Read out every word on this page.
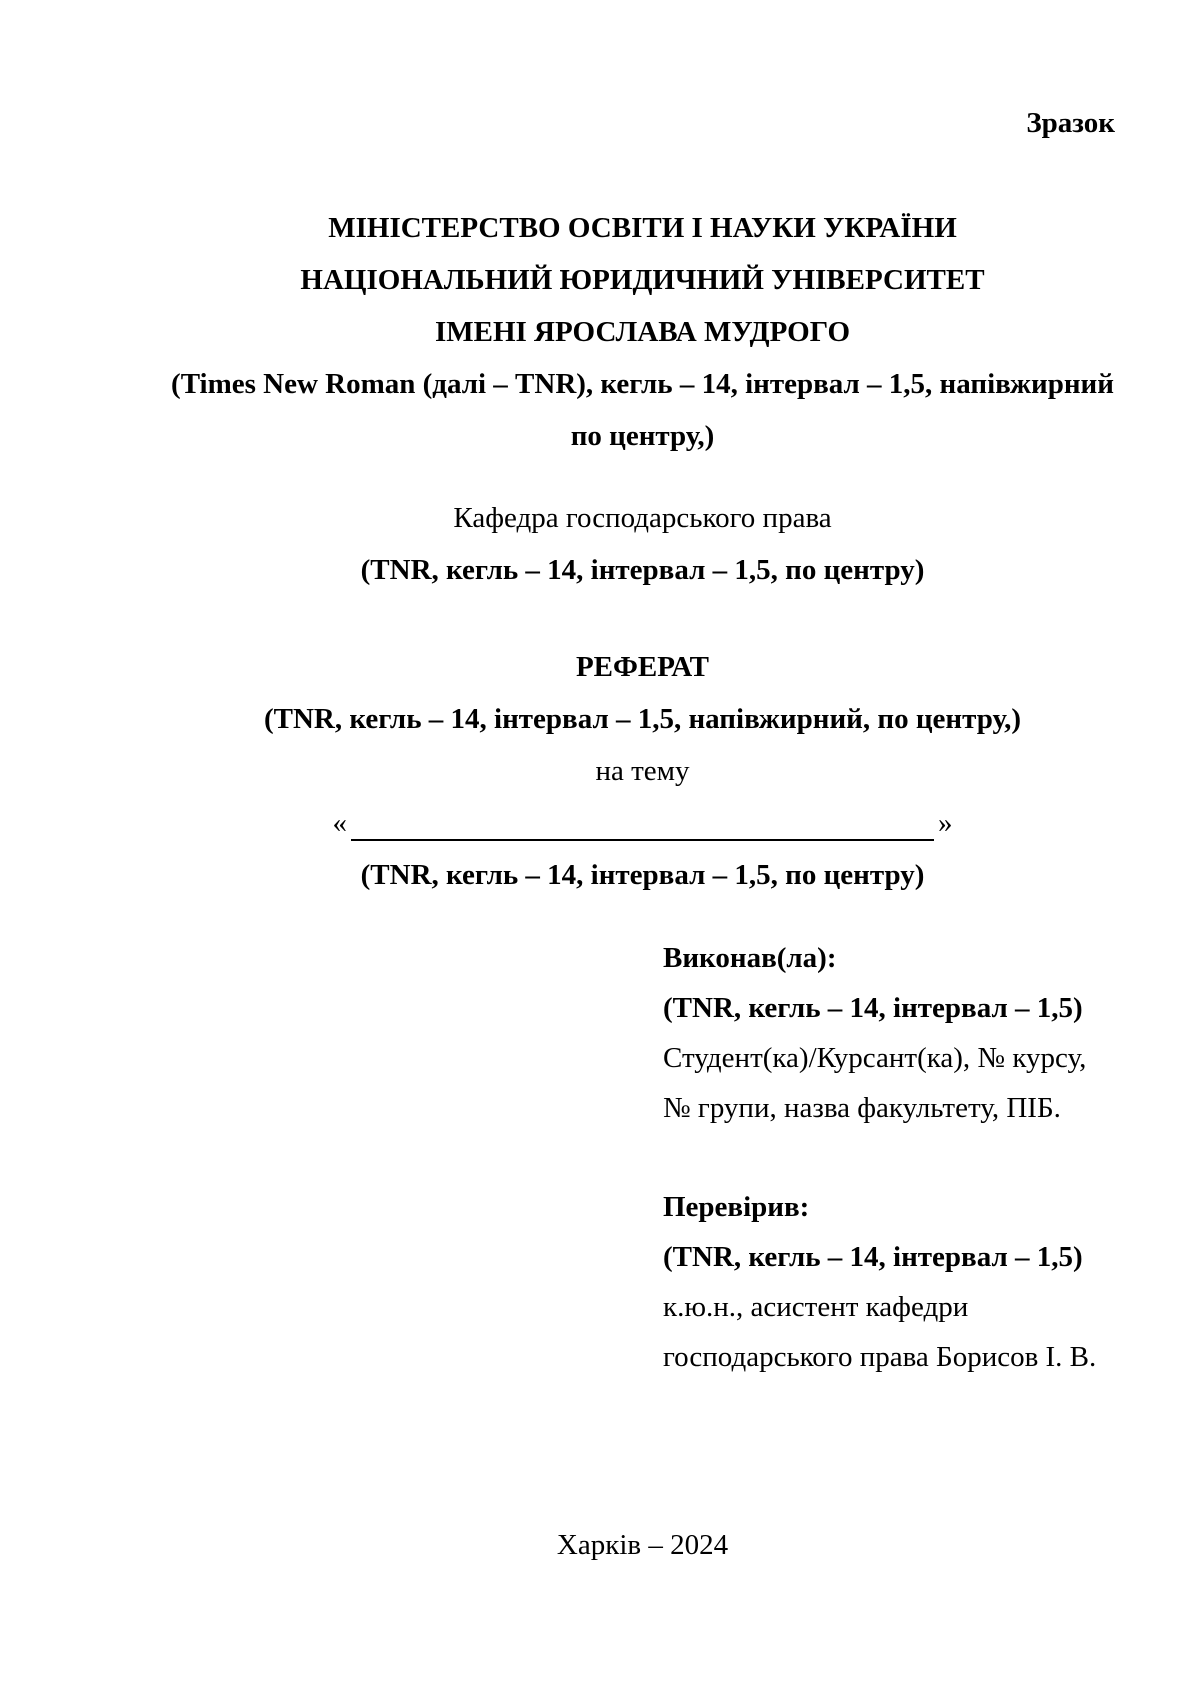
Зразок
МІНІСТЕРСТВО ОСВІТИ І НАУКИ УКРАЇНИ
НАЦІОНАЛЬНИЙ ЮРИДИЧНИЙ УНІВЕРСИТЕТ
ІМЕНІ ЯРОСЛАВА МУДРОГО
(Times New Roman (далі – TNR), кегль – 14, інтервал – 1,5, напівжирний
по центру,)
Кафедра господарського права
(TNR, кегль – 14, інтервал – 1,5, по центру)
РЕФЕРАТ
(TNR, кегль – 14, інтервал – 1,5, напівжирний, по центру,)
на тему
«	»
(TNR, кегль – 14, інтервал – 1,5, по центру)
Виконав(ла):
(TNR, кегль – 14, інтервал – 1,5)
Студент(ка)/Курсант(ка), № курсу,
№ групи, назва факультету, ПІБ.
Перевірив:
(TNR, кегль – 14, інтервал – 1,5)
к.ю.н., асистент кафедри
господарського права Борисов І. В.
Харків – 2024
